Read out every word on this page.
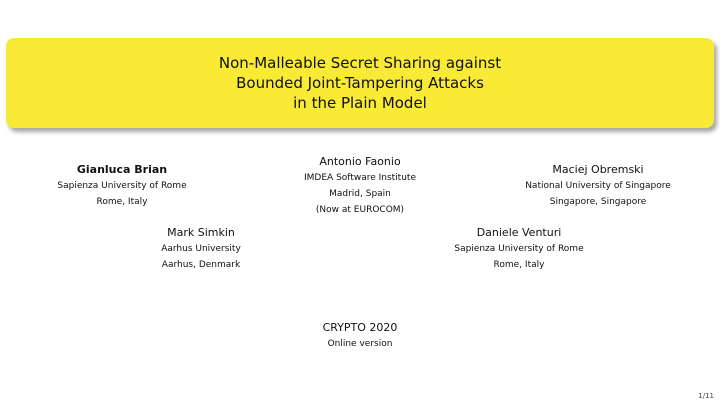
Non-Malleable Secret Sharing against
Bounded Joint-Tampering Attacks
in the Plain Model
Gianluca Brian
Sapienza University of Rome
Rome, Italy
Antonio Faonio
IMDEA Software Institute
Madrid, Spain
(Now at EUROCOM)
Maciej Obremski
National University of Singapore
Singapore, Singapore
Mark Simkin
Aarhus University
Aarhus, Denmark
Daniele Venturi
Sapienza University of Rome
Rome, Italy
CRYPTO 2020
Online version
1/11
